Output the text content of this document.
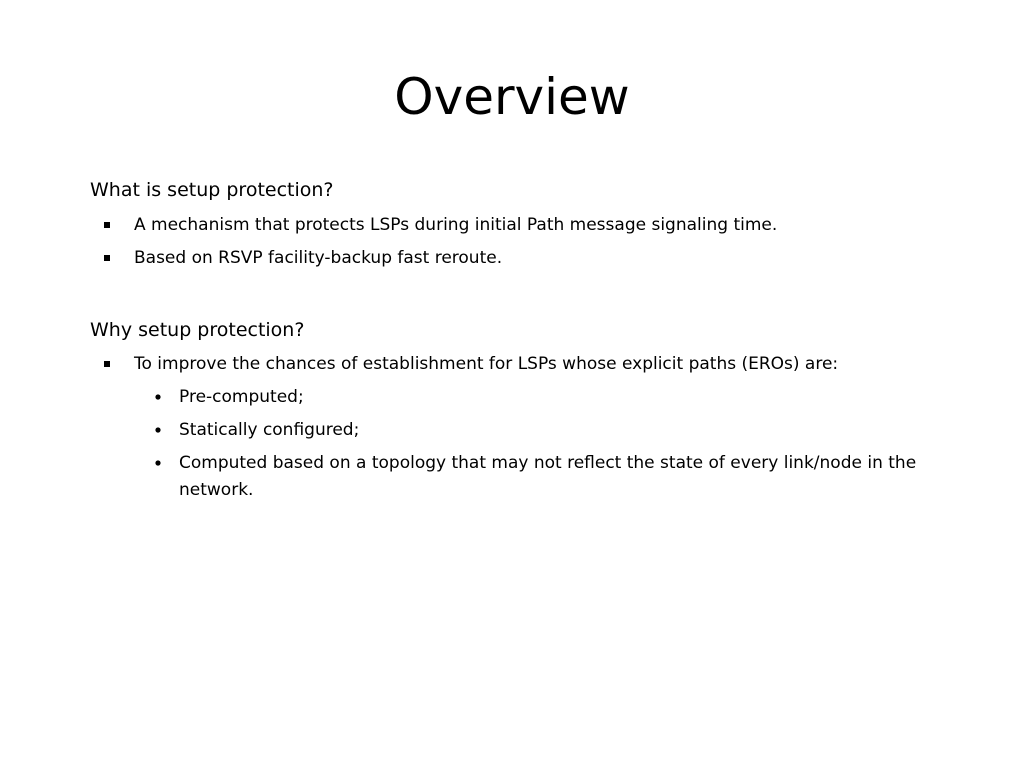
Overview
What is setup protection?
A mechanism that protects LSPs during initial Path message signaling time.
Based on RSVP facility-backup fast reroute.
Why setup protection?
To improve the chances of establishment for LSPs whose explicit paths (EROs) are:
Pre-computed;
Statically configured;
Computed based on a topology that may not reflect the state of every link/node in the network.
